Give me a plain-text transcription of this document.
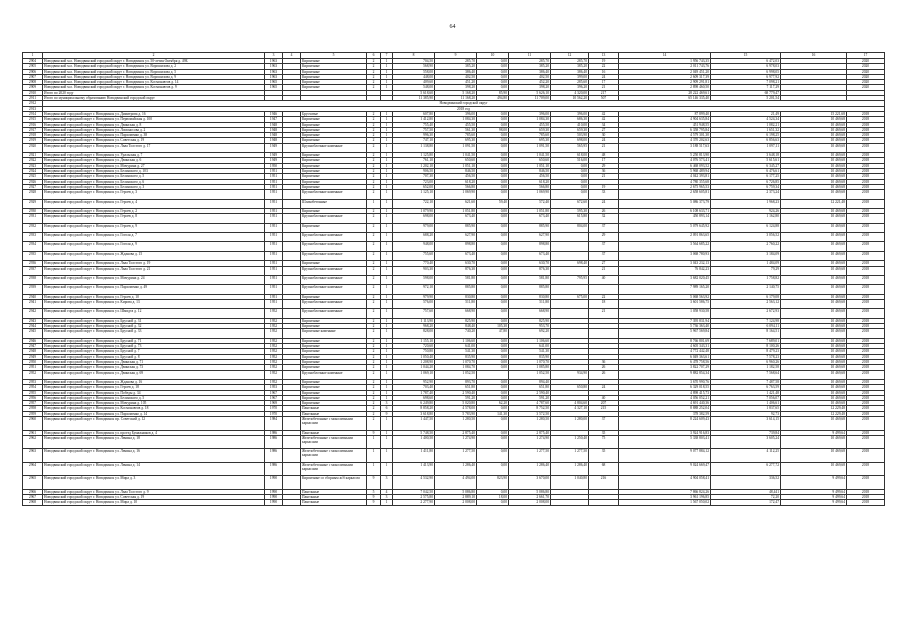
64
1	2	3	4	5	6	7	8	9	10	11	12	13	14	15	16	17
2904	Новодвинский м.о. Новодвинский городской округ г. Новодвинск ул. 50-летия Октября д. 49Б	1963		Кирпичные	2	1	704,50	285,70	0,00	285,70	285,70	19	1 956 743,35	6 472,03		2020
2905	Новодвинский м.о. Новодвинский городской округ г. Новодвинск ул. Ворошилова д. 2	1963		Кирпичные	2	1	568,90	385,20	0,00	385,20	385,20	22	2 011 743,76	6 978,03		2020
2906	Новодвинский м.о. Новодвинский городской округ г. Новодвинск ул. Ворошилова д. 5	1963		Кирпичные	2	1	558,00	386,40	0,00	386,40	386,40	16	2 049 451,20	6 998,05		2020
2907	Новодвинский м.о. Новодвинский городской округ г. Новодвинск ул. Ворошилова д. 9	1963		Кирпичные	2	1	448,00	402,50	0,00	402,50	399,00	24	2 609 317,39	6 977,92		2020
2908	Новодвинский м.о. Новодвинский городской округ г. Новодвинск ул. Космонавтов д. 14	1965		Кирпичные	2	1	409,60	451,20	0,00	452,20	285,60	17	2 909 291,81	7 098,21		2020
2909	Новодвинский м.о. Новодвинский городской округ г. Новодвинск ул. Космонавтов д. 9	1965		Кирпичные	2	1	548,00	398,20	0,00	398,20	396,20	21	2 898 460,50	7 117,29		2020
2910	Итого по 2020 году						5 618,60	5 168,20	85,90	5 626,10	4 320,00	217	28 222 469,61	68 779,47		
2911	Итого по муниципальному образованию Новодвинский городской округ						11 385,90	11 168,20	494,80	11 709,00	10 562,20	507	65 146 335,40	5 201,54		
2912	Новодвинский городской округ															
2913	2018 год															
2914	Новодвинский городской округ г. Новодвинск ул. Димитрова д. 16	1946		Брусчатые	2	1	607,80	396,00	0,00	396,00	396,00	42	87 899,40	21,49	15 221,68	2018
2915	Новодвинский городской округ г. Новодвинск ул. Первомайская д. 100	1947		Кирпичные	2	1	1 412,80	1 084,30	0,00	1 084,30	686,30	42	4 904 635,84	4 524,34	10 469,68	2018
2916	Новодвинский городской округ г. Новодвинск ул. Двинская д. 8	1948		Кирпичные	2	1	755,40	455,50	0,00	455,50	410,00	34	451 948,55	1 082,21	10 469,68	2018
2917	Новодвинский городской округ г. Новодвинск ул. Ломоносова д. 2	1948		Кирпичные	2	1	757,50	561,30	98,00	659,30	659,30	27	6 358 795,84	1 651,32	10 469,68	2018
2918	Новодвинский городской округ г. Новодвинск ул. Пархоменко д. 38	1948		Кирпичные	2	1	996,30	785,60	0,00	785,60	503,90	30	4 579 301,30	6 198,25	10 469,68	2018
2919	Новодвинский городской округ г. Новодвинск ул. Советская д. 19	1948		Кирпичные	2	1	747,10	695,30	0,00	695,30	698,00	24	4 370 202,63	6 856,63	10 469,68	2018
2920	Новодвинский городской округ г. Новодвинск ул. Льва Толстого д. 17	1949		Крупноблочные каменные	2	1	1 138,80	1 091,50	0,00	1 091,50	565,95	21	3 188 517,63	1 097,11	10 469,68	2018
2921	Новодвинский городской округ г. Новодвинск ул. Уральская д. 7	1949		Кирпичные	2	1	1 125,80	1 041,50	0,00	1 041,50	618,00	48	5 250 813,90	3 648,18	10 469,68	2018
2922	Новодвинский городской округ г. Новодвинск ул. Двинская д. 6	1949		Кирпичные	2	1	761,10	650,60	0,00	650,60	516,00	17	4 076 573,41	5 615,61	10 469,68	2018
2923	Новодвинский городской округ г. Новодвинск ул. Мичурина д. 27	1950		Кирпичные	2	1	1 202,10	1 051,10	0,00	1 051,10	0,00	29	6 468 093,52	6 345,27	10 469,68	2018
2924	Новодвинский городской округ г. Новодвинск ул. Белинского д. 103	1951		Кирпичные	2	1	906,50	846,50	0,00	846,50	0,00	36	5 968 489,94	6 476,61	10 469,68	2018
2925	Новодвинский городской округ г. Новодвинск ул. Белинского д. 5	1951		Кирпичные	2	1	707,30	456,50	0,00	456,50	0,00	21	4 042 393,81	6 177,25	10 469,68	2018
2926	Новодвинский городской округ г. Новодвинск ул. Белинского д. 6	1951		Кирпичные	2	1	723,00	618,20	0,00	618,20	0,00		4 780 355,68	6 726,85	10 469,68	2018
2927	Новодвинский городской округ г. Новодвинск ул. Белинского д. 3	1951		Кирпичные	2	1	652,00	566,80	0,00	566,80	0,00	19	2 675 965,53	6 759,34	10 469,68	2018
2928	Новодвинский городской округ г. Новодвинск ул. Героев д. 3	1951		Крупноблочные каменные	2	1	1 125,10	1 069,90	0,00	1 069,90	0,00	33	2 658 605,81	2 373,24	10 469,68	2018
2929	Новодвинский городской округ г. Новодвинск ул. Героев д. 4	1951		Шлакобетонные	1	1	722,10	621,60	59,40	572,40	672,60	24	5 086 373,79	1 968,23	12 221,48	2018
2930	Новодвинский городской округ г. Новодвинск ул. Героев д. 2	1951		Кирпичные	2	1	1 079,90	1 051,80	0,00	1 051,80	595,30	26	6 108 633,71	924,26	10 469,68	2018
2931	Новодвинский городской округ г. Новодвинск ул. Героев д. 8	1951		Крупноблочные каменные	2	1	698,00	673,40	0,00	673,40	615,80	32	450 893,14	1 162,80	10 469,68	2018
2932	Новодвинский городской округ г. Новодвинск ул. Героев д. 9	1951		Кирпичные	2	1	979,00	885,90	0,00	885,90	804,00	37	5 079 645,92	6 124,88	10 469,68	2018
2933	Новодвинский городской округ г. Новодвинск ул. Гоголя д. 7	1951		Крупноблочные каменные	2	1	688,20	627,90	0,00	627,90		29	2 091 863,65	3 056,52	10 469,68	2018
2934	Новодвинский городской округ г. Новодвинск ул. Гоголя д. 9	1951		Крупноблочные каменные	2	1	948,00	898,80	0,00	898,80		37	3 564 685,22	2 760,22	10 469,68	2018
2935	Новодвинский городской округ г. Новодвинск ул. Жданова д. 15	1951		Крупноблочные каменные	2	1	755,60	673,40	0,00	673,40		37	3 068 780,93	3 184,09	10 469,68	2018
2936	Новодвинский городской округ г. Новодвинск ул. Льва Толстого д. 19	1951		Кирпичные	2	1	770,40	630,70	0,00	630,70	698,40	27	3 043 232,13	1 484,09	10 469,68	2018
2937	Новодвинский городской округ г. Новодвинск ул. Льва Толстого д. 21	1951		Крупноблочные каменные	2	1	903,30	876,30	0,00	876,30		21	76 842,23	79,29	10 469,68	2018
2938	Новодвинский городской округ г. Новодвинск ул. Мичурина д. 24	1951		Крупноблочные каменные	2	1	598,00	581,80	0,00	581,80	795,95	40	3 682 020,45	1 758,82	10 469,68	2018
2939	Новодвинский городской округ г. Новодвинск ул. Пархоменко д. 49	1951		Крупноблочные каменные	2	1	972,10	885,80	0,00	885,80			7 989 165,20	2 140,75	10 469,68	2018
2940	Новодвинский городской округ г. Новодвинск ул. Героев д. 10	1951		Кирпичные	2	1	979,90	830,80	0,00	830,80	675,00	22	5 068 563,92	6 179,08	10 469,68	2018
2941	Новодвинский городской округ г. Новодвинск ул. Кирова д. 13	1951		Крупноблочные каменные	2	1	576,00	511,80	0,00	511,80		18	3 601 586,75	2 563,12	10 469,68	2018
2942	Новодвинский городской округ г. Новодвинск ул. Шмидта д. 12	1952		Крупноблочные каменные	2	1	757,60	668,90	0,00	668,90		21	1 058 930,58	2 672,93	10 469,68	2018
2943	Новодвинский городской округ г. Новодвинск ул. Брусной д. 31	1952		Кирпичные	2	1	1 113,90	825,90	0,00	825,90			7 395 831,94	7 124,98	10 469,68	2018
2944	Новодвинский городской округ г. Новодвинск ул. Брусной д. 32	1952		Кирпичные	2	1	968,20	848,40	105,30	953,70			5 736 363,40	6 094,11	10 469,68	2018
2945	Новодвинский городской округ г. Новодвинск ул. Брусной д. 33	1952		Кирпичные каменные	2	1	828,00	740,20	47,80	692,20			5 967 569,84	8 164,51	10 469,68	2018
2946	Новодвинский городской округ г. Новодвинск ул. Брусной д. 71	1952		Кирпичные	2	1	1 155,10	1 106,60	0,00	1 106,60			8 766 801,69	7 689,01	10 469,68	2018
2947	Новодвинский городской округ г. Новодвинск ул. Брусной д. 73	1952		Кирпичные	2	1	720,60	641,00	0,00	641,00			4 605 343,31	8 100,26	10 469,68	2018
2948	Новодвинский городской округ г. Новодвинск ул. Брусной д. 7	1952		Кирпичные	2	1	750,80	541,30	0,00	541,30			4 772 442,48	8 479,23	10 469,68	2018
2949	Новодвинский городской округ г. Новодвинск ул. Брусной д. 8	1952		Кирпичные	2	1	1 050,40	835,90	0,00	835,90			6 049 363,61	7 578,23	10 469,68	2018
2950	Новодвинский городской округ г. Новодвинск ул. Двинская д. 71	1952		Кирпичные	2	1	1 208,90	1 070,70	0,00	1 070,70		36	6 478 758,56	6 960,26	10 469,68	2018
2951	Новодвинский городской округ г. Новодвинск ул. Двинская д. 73	1952		Кирпичные	2	1	1 044,20	1 084,70	0,00	1 085,80		26	3 822 707,29	1 182,58	10 469,68	2018
2952	Новодвинский городской округ г. Новодвинск ул. Двинская д. 69	1952		Крупноблочные каменные	2	1	1 069,10	1 052,50		1 052,50	934,90	26	9 882 854,34	7 568,64	10 469,68	2018
2953	Новодвинский городской округ г. Новодвинск ул. Жданова д. 16	1952		Кирпичные	2	1	952,90	893,70	0,00	894,40			3 670 990,76	7 487,58	10 469,68	2018
2954	Новодвинский городской округ г. Новодвинск ул. Героев д. 18	1953		Кирпичные	2	1	703,40	651,80	0,00	651,80	650,80	24	6 329 018,55	6 763,59	10 469,68	2018
2955	Новодвинский городской округ г. Новодвинск ул. Победы д. 34	1967		Кирпичные	2	1	1 787,40	2 590,40	0,00	2 590,40			4 898 415,73	1 421,48	10 469,68	2018
2956	Новодвинский городской округ г. Новодвинск ул. Белинского д. 5	1967		Кирпичные	2	1	698,60	591,20	0,00	591,20		40	4 056 052,21	7 056,07	10 469,68	2018
2957	Новодвинский городской округ г. Новодвинск ул. Мичурина д. 105	1969		Кирпичные	2	3	6 249,80	5 020,80	62,20	4 787,60	4 804,60	207	4 691 440,36	1 406,61	10 469,68	2018
2958	Новодвинский городской округ г. Новодвинск ул. Космонавтов д. 18	1970		Панельные	2	6	8 858,20	4 578,00	0,00	8 752,50	4 327,10	215	8 888 252,04	1 837,65	12 229,48	2018
2959	Новодвинский городской округ г. Новодвинск ул. Пархоменко д. 14	1970		Панельные	2	9	3 618,80	5 783,90	141,30	3 572,50			378 382,59	92,73	12 229,48	2018
2960	Новодвинский городской округ г. Новодвинск пр. Советский д. 12	1984		Железобетонные с монолитными каркасами	2	1	1 447,50	1 280,50	0,00	1 280,50	1 280,00	37	8 224 609,43	3 614,15	10 469,68	2018
2961	Новодвинский городской округ г. Новодвинск ул. проезд Бумажников д. 4	1986		Панельные	9	1	5 748,50	2 875,40	0,00	2 875,40		35	3 924 916,83	739,84	9 499,64	2018
2962	Новодвинский городской округ г. Новодвинск ул. Ленина д. 18	1986		Железобетонные с монолитными каркасами	1	1	1 400,50	1 274,90	0,00	1 274,90	1 250,40	75	5 338 803,41	3 605,24	10 469,68	2018
2963	Новодвинский городской округ г. Новодвинск ул. Ленина д. 16	1986		Железобетонные с монолитными каркасами	1	1	1 411,80	1 277,50	0,00	1 277,50	1 277,50	35	9 077 884,12	4 112,25	10 469,68	2018
2964	Новодвинский городской округ г. Новодвинск ул. Ленина д. 14	1986		Железобетонные с монолитными каркасами	1	1	1 413,90	1 286,40	0,00	1 286,40	1 286,40	68	9 024 669,47	6 277,72	10 469,68	2018
2965	Новодвинский городской округ г. Новодвинск ул. Мира д. 3	1990		Кирпичные со сборным ж/б каркасом	9	3	4 532,90	4 494,00	823,90	3 670,00	1 040,80	216	4 904 058,41	336,52	9 499,64	2018
2966	Новодвинский городской округ г. Новодвинск ул. Льва Толстого д. 9	1990		Панельные	5	4	7 042,50	5 086,80	0,00	5 086,80			7 866 824,26	48,441	9 499,64	2018
2967	Новодвинский городской округ г. Новодвинск ул. Советская д. 19	1990		Панельные	9	3	2 575,80	2 889,10	18,00	2 661,70			3 961 196,85	72,20	9 499,64	2018
2968	Новодвинский городской округ г. Новодвинск ул. Мира д. 10	1990		Панельные	9	1	2 277,90	2 008,00	0,00	2 008,00			1 567 050,02	172,47	9 499,64	2018
